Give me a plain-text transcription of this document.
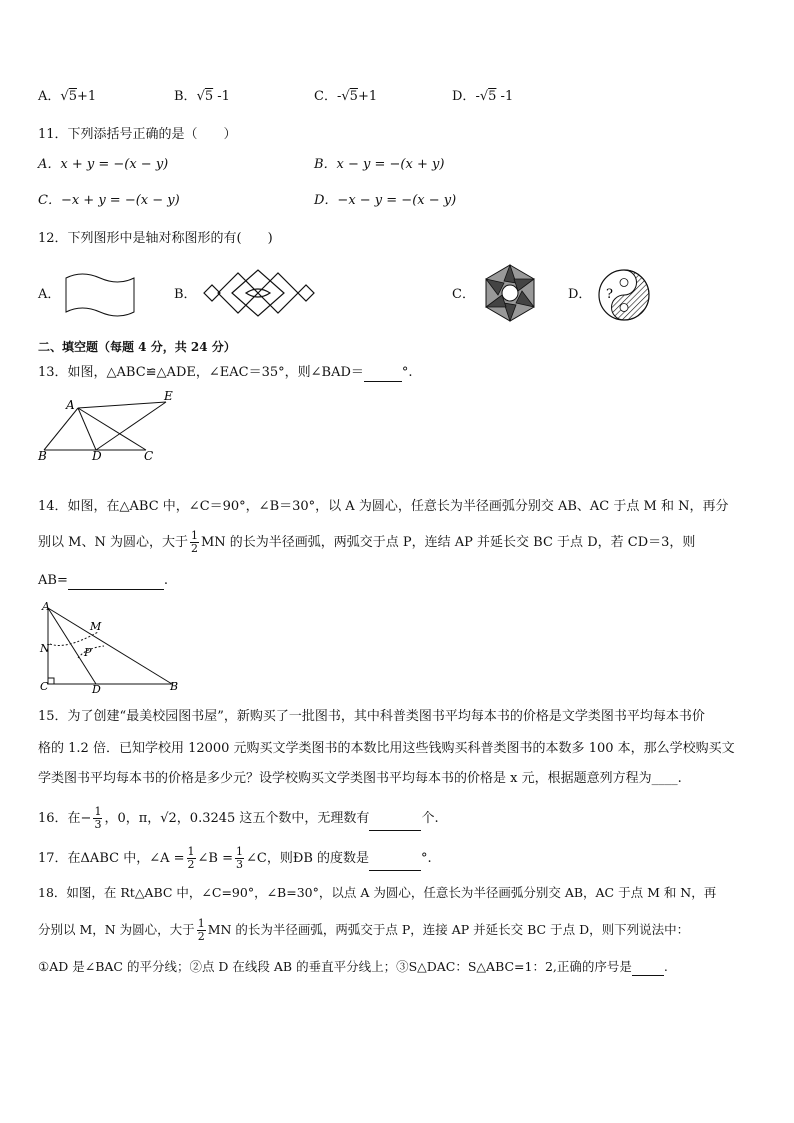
A．√5+1	B．√5 -1	C．-√5+1	D．-√5 -1
11．下列添括号正确的是（　　）
A．x + y = −(x − y)	B．x − y = −(x + y)
C．−x + y = −(x − y)	D．−x − y = −(x − y)
12．下列图形中是轴对称图形的有(　　)
A．	B．	C．	D． ?
二、填空题（每题 4 分，共 24 分）
13．如图，△ABC≌△ADE，∠EAC＝35°，则∠BAD＝	°.
A
E
B	D	C
14．如图，在△ABC 中，∠C＝90°，∠B＝30°，以 A 为圆心，任意长为半径画弧分别交 AB、AC 于点 M 和 N，再分
别以 M、N 为圆心，大于 $\frac{1}{2}$ MN 的长为半径画弧，两弧交于点 P，连结 AP 并延长交 BC 于点 D，若 CD＝3，则
AB=	.
A
M
N	P
C	D	B
15．为了创建“最美校园图书屋”，新购买了一批图书，其中科普类图书平均每本书的价格是文学类图书平均每本书价
格的 1.2 倍．已知学校用 12000 元购买文学类图书的本数比用这些钱购买科普类图书的本数多 100 本，那么学校购买文
学类图书平均每本书的价格是多少元？设学校购买文学类图书平均每本书的价格是 x 元，根据题意列方程为____.
16．在− $\frac{1}{3}$ ，0，π，√2，0.3245 这五个数中，无理数有	个.
17．在ΔABC 中，∠A = $\frac{1}{2}$ ∠B = $\frac{1}{3}$ ∠C，则ÐB 的度数是	°.
18．如图，在 Rt△ABC 中，∠C=90°，∠B=30°，以点 A 为圆心，任意长为半径画弧分别交 AB，AC 于点 M 和 N，再
分别以 M，N 为圆心，大于 $\frac{1}{2}$ MN 的长为半径画弧，两弧交于点 P，连接 AP 并延长交 BC 于点 D，则下列说法中：
①AD 是∠BAC 的平分线；②点 D 在线段 AB 的垂直平分线上；③S△DAC：S△ABC=1：2,正确的序号是	.
